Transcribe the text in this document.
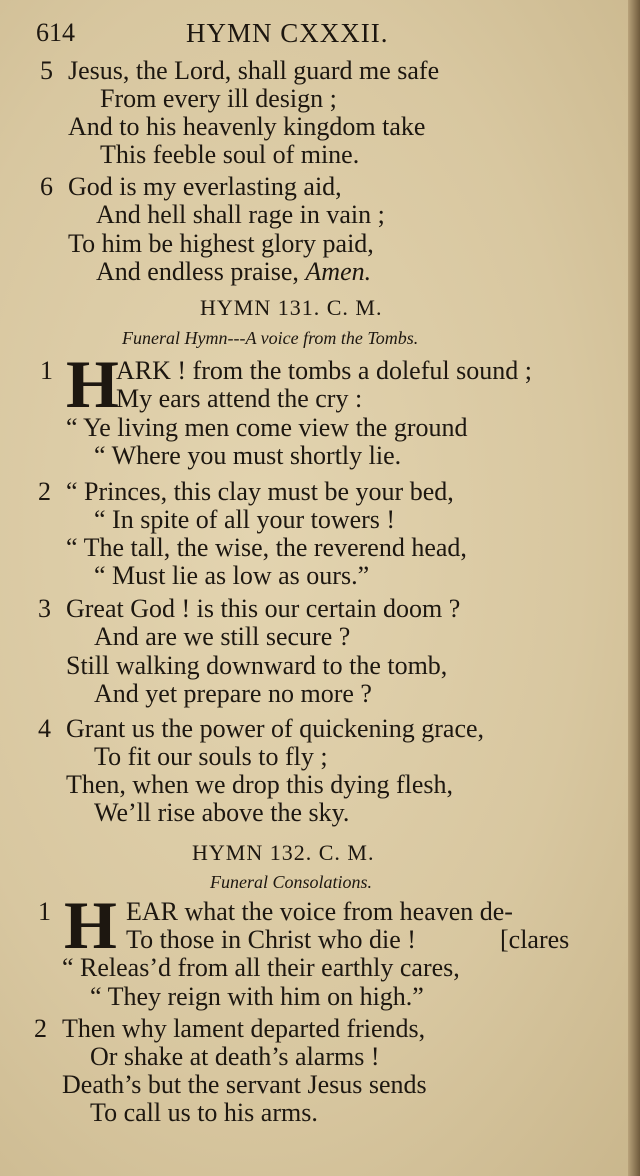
614	HYMN CXXXII.
5 Jesus, the Lord, shall guard me safe
From every ill design ;
And to his heavenly kingdom take
This feeble soul of mine.
6 God is my everlasting aid,
And hell shall rage in vain ;
To him be highest glory paid,
And endless praise, Amen.
HYMN 131. C. M.
Funeral Hymn---A voice from the Tombs.
1 H
ARK ! from the tombs a doleful sound ;
My ears attend the cry :
“ Ye living men come view the ground
“ Where you must shortly lie.
2 “ Princes, this clay must be your bed,
“ In spite of all your towers !
“ The tall, the wise, the reverend head,
“ Must lie as low as ours.”
3 Great God ! is this our certain doom ?
And are we still secure ?
Still walking downward to the tomb,
And yet prepare no more ?
4 Grant us the power of quickening grace,
To fit our souls to fly ;
Then, when we drop this dying flesh,
We’ll rise above the sky.
HYMN 132. C. M.
Funeral Consolations.
1 H EAR what the voice from heaven de-
To those in Christ who die !	[clares
“ Releas’d from all their earthly cares,
“ They reign with him on high.”
2 Then why lament departed friends,
Or shake at death’s alarms !
Death’s but the servant Jesus sends
To call us to his arms.
